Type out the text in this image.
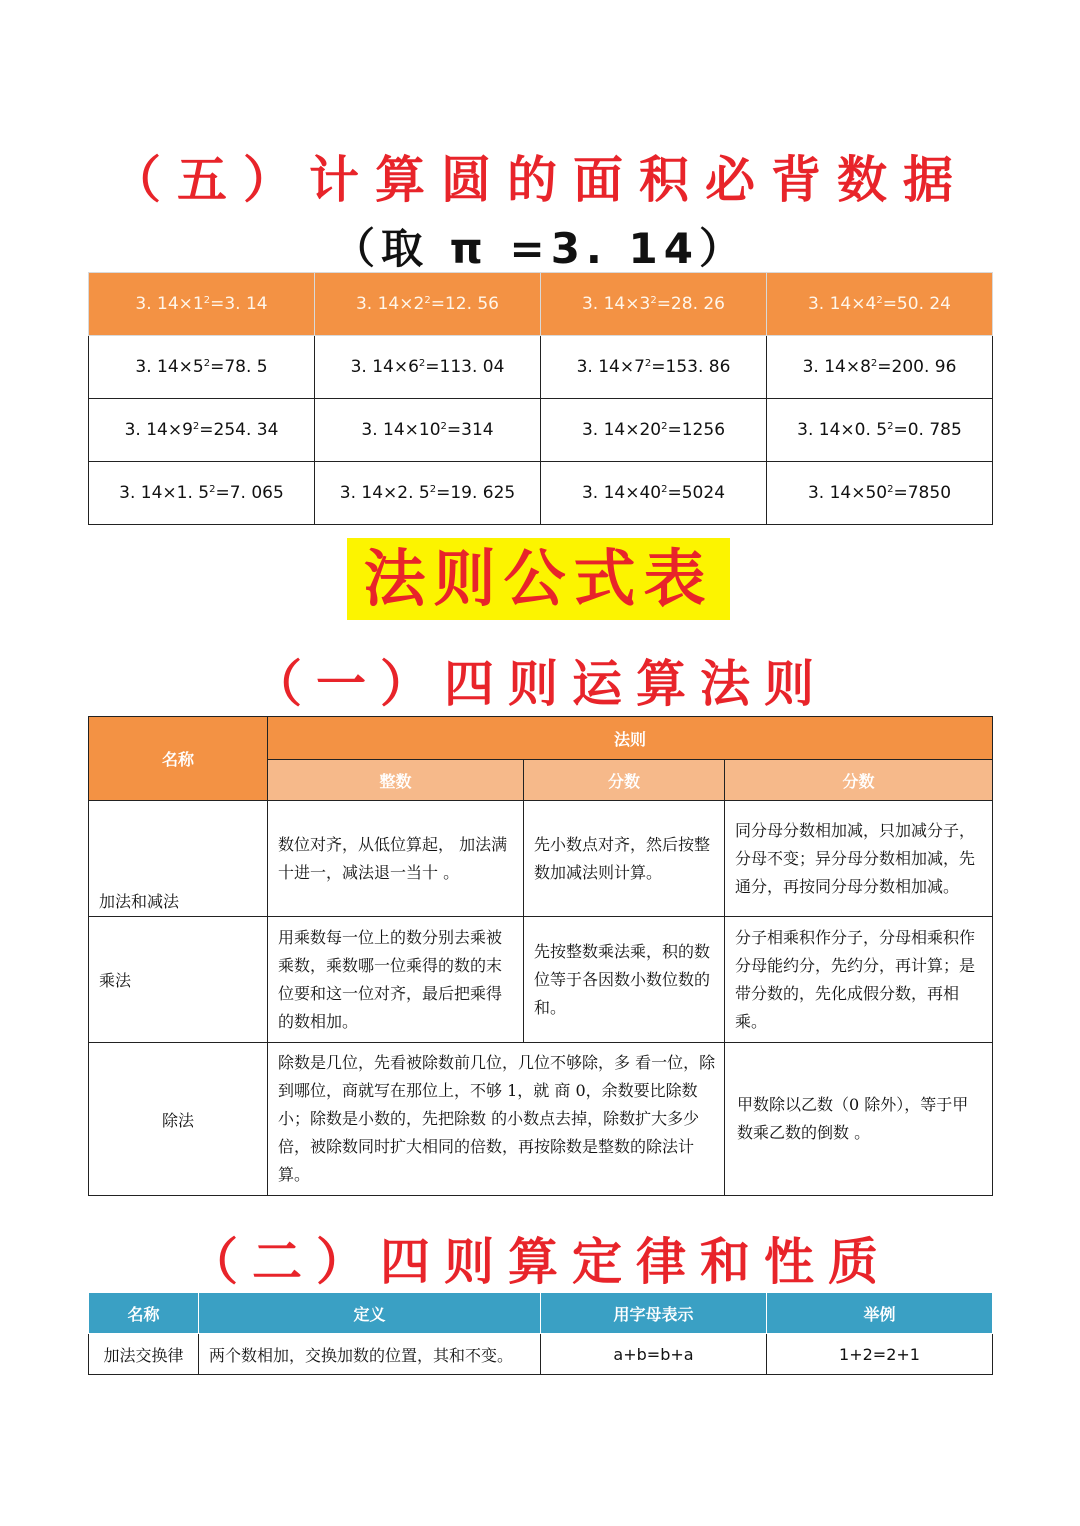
（五）计算圆的面积必背数据
（取 π =3. 14）
3. $14\times 1^2=3$. 14	3. $14\times 2^2=12$. 56	3. $14\times 3^2=28$. 26	3. $14\times 4^2=50$. 24
3. $14\times 5^2=78$. 5	3. $14\times 6^2=113$. 04	3. $14\times 7^2=153$. 86	3. $14\times 8^2=200$. 96
3. $14\times 9^2=254$. 34	3. $14\times 10^2=314$	3. $14\times 20^2=1256$	3. 14×0. $5^2=0$. 785
3. 14×1. $5^2=7$. 065	3. 14×2. $5^2=19$. 625	3. $14\times 40^2=5024$	3. $14\times 50^2=7850$
法则公式表
（一）四则运算法则
名称	法则		
	整数	分数	分数
加法和减法	数位对齐，从低位算起， 加法满十进一，减法退一当十 。	先小数点对齐，然后按整数加减法则计算。	同分母分数相加减，只加减分子，分母不变；异分母分数相加减，先通分，再按同分母分数相加减。
乘法	用乘数每一位上的数分别去乘被乘数，乘数哪一位乘得的数的末位要和这一位对齐，最后把乘得的数相加。	先按整数乘法乘，积的数位等于各因数小数位数的和。	分子相乘积作分子，分母相乘积作分母能约分，先约分，再计算；是带分数的，先化成假分数，再相乘。
除法	除数是几位，先看被除数前几位，几位不够除，多 看一位，除到哪位，商就写在那位上，不够 1，就 商 0，余数要比除数小；除数是小数的，先把除数 的小数点去掉，除数扩大多少倍，被除数同时扩大相同的倍数，再按除数是整数的除法计算。		甲数除以乙数（0 除外），等于甲数乘乙数的倒数 。
（二）四则算定律和性质
名称	定义	用字母表示	举例
加法交换律	两个数相加，交换加数的位置，其和不变。	a+b=b+a	1+2=2+1
